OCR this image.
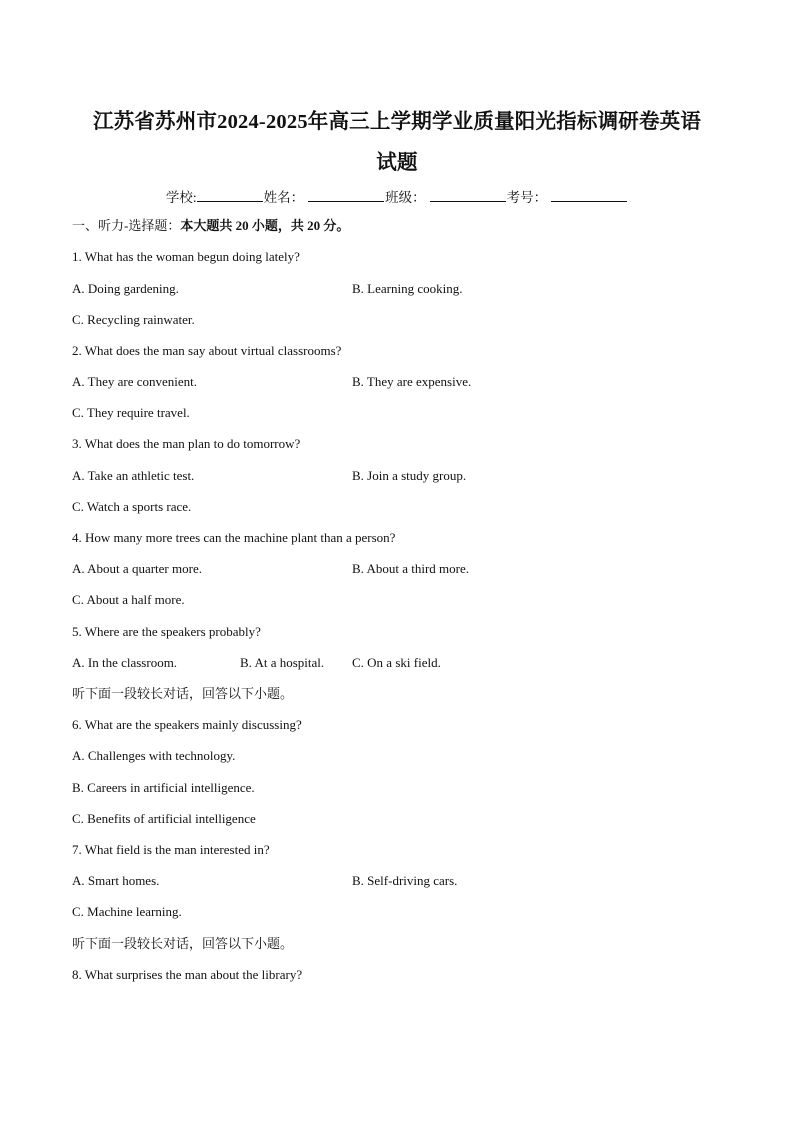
江苏省苏州市2024-2025年高三上学期学业质量阳光指标调研卷英语
试题
学校:	姓名：	班级：	考号：
一、听力-选择题：本大题共 20 小题，共 20 分。
1. What has the woman begun doing lately?
A. Doing gardening.	B. Learning cooking.
C. Recycling rainwater.
2. What does the man say about virtual classrooms?
A. They are convenient.	B. They are expensive.
C. They require travel.
3. What does the man plan to do tomorrow?
A. Take an athletic test.	B. Join a study group.
C. Watch a sports race.
4. How many more trees can the machine plant than a person?
A. About a quarter more.	B. About a third more.
C. About a half more.
5. Where are the speakers probably?
A. In the classroom.	B. At a hospital. C. On a ski field.
听下面一段较长对话，回答以下小题。
6. What are the speakers mainly discussing?
A. Challenges with technology.
B. Careers in artificial intelligence.
C. Benefits of artificial intelligence
7. What field is the man interested in?
A. Smart homes.	B. Self-driving cars.
C. Machine learning.
听下面一段较长对话，回答以下小题。
8. What surprises the man about the library?
